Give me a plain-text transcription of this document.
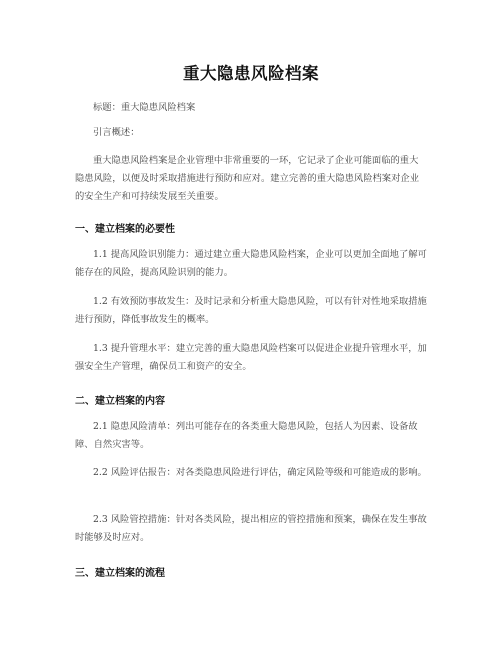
重大隐患风险档案

标题：重大隐患风险档案

引言概述：

重大隐患风险档案是企业管理中非常重要的一环，它记录了企业可能面临的重大隐患风险，以便及时采取措施进行预防和应对。建立完善的重大隐患风险档案对企业的安全生产和可持续发展至关重要。

一、建立档案的必要性

1.1 提高风险识别能力：通过建立重大隐患风险档案，企业可以更加全面地了解可能存在的风险，提高风险识别的能力。

1.2 有效预防事故发生：及时记录和分析重大隐患风险，可以有针对性地采取措施进行预防，降低事故发生的概率。

1.3 提升管理水平：建立完善的重大隐患风险档案可以促进企业提升管理水平，加强安全生产管理，确保员工和资产的安全。

二、建立档案的内容

2.1 隐患风险清单：列出可能存在的各类重大隐患风险，包括人为因素、设备故障、自然灾害等。

2.2 风险评估报告：对各类隐患风险进行评估，确定风险等级和可能造成的影响。

2.3 风险管控措施：针对各类风险，提出相应的管控措施和预案，确保在发生事故时能够及时应对。

三、建立档案的流程
